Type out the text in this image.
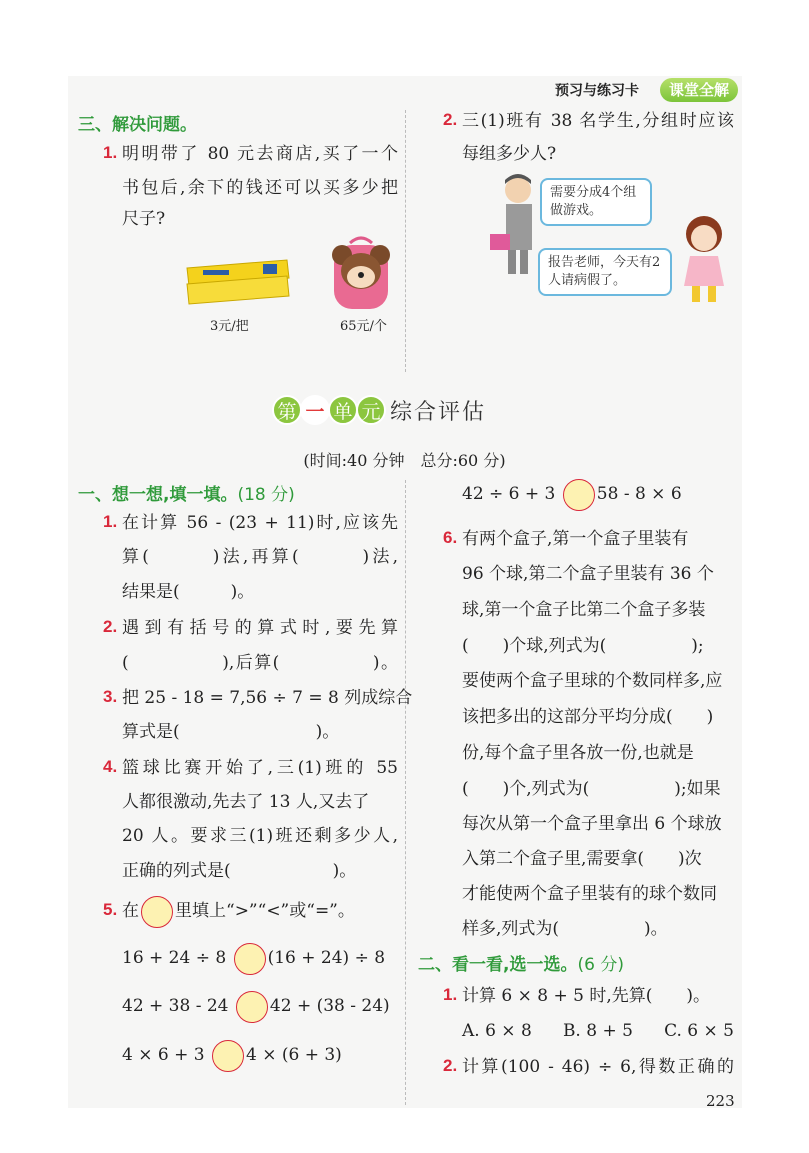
预习与练习卡	课堂全解
三、解决问题。
1. 明明带了 80 元去商店,买了一个
书包后,余下的钱还可以买多少把
尺子?
3元/把	65元/个
2. 三(1)班有 38 名学生,分组时应该
每组多少人?
需要分成4个组做游戏。
报告老师，今天有2人请病假了。
第 一 单 元 综合评估
(时间:40 分钟　总分:60 分)
一、想一想,填一填。(18 分)
1. 在计算 56 - (23 + 11)时,应该先
算(　　　)法,再算(　　　)法,
结果是(　　　)。
2. 遇到有括号的算式时,要先算
(　　　　　),后算(　　　　　)。
3. 把 25 - 18 = 7,56 ÷ 7 = 8 列成综合
算式是(　　　　　　　　)。
4. 篮球比赛开始了,三(1)班的 55
人都很激动,先去了 13 人,又去了
20 人。要求三(1)班还剩多少人,
正确的列式是(　　　　　　)。
5. 在 里填上“>”“<”或“=”。
16 + 24 ÷ 8 (16 + 24) ÷ 8
42 + 38 - 24 42 + (38 - 24)
4 × 6 + 3 4 × (6 + 3)
42 ÷ 6 + 3 58 - 8 × 6
6. 有两个盒子,第一个盒子里装有
96 个球,第二个盒子里装有 36 个
球,第一个盒子比第二个盒子多装
(　　)个球,列式为(　　　　　);
要使两个盒子里球的个数同样多,应
该把多出的这部分平均分成(　　)
份,每个盒子里各放一份,也就是
(　　)个,列式为(　　　　　);如果
每次从第一个盒子里拿出 6 个球放
入第二个盒子里,需要拿(　　)次
才能使两个盒子里装有的球个数同
样多,列式为(　　　　　)。
二、看一看,选一选。(6 分)
1. 计算 6 × 8 + 5 时,先算(　　)。
A. 6 × 8 B. 8 + 5 C. 6 × 5
2. 计算(100 - 46) ÷ 6,得数正确的
223
